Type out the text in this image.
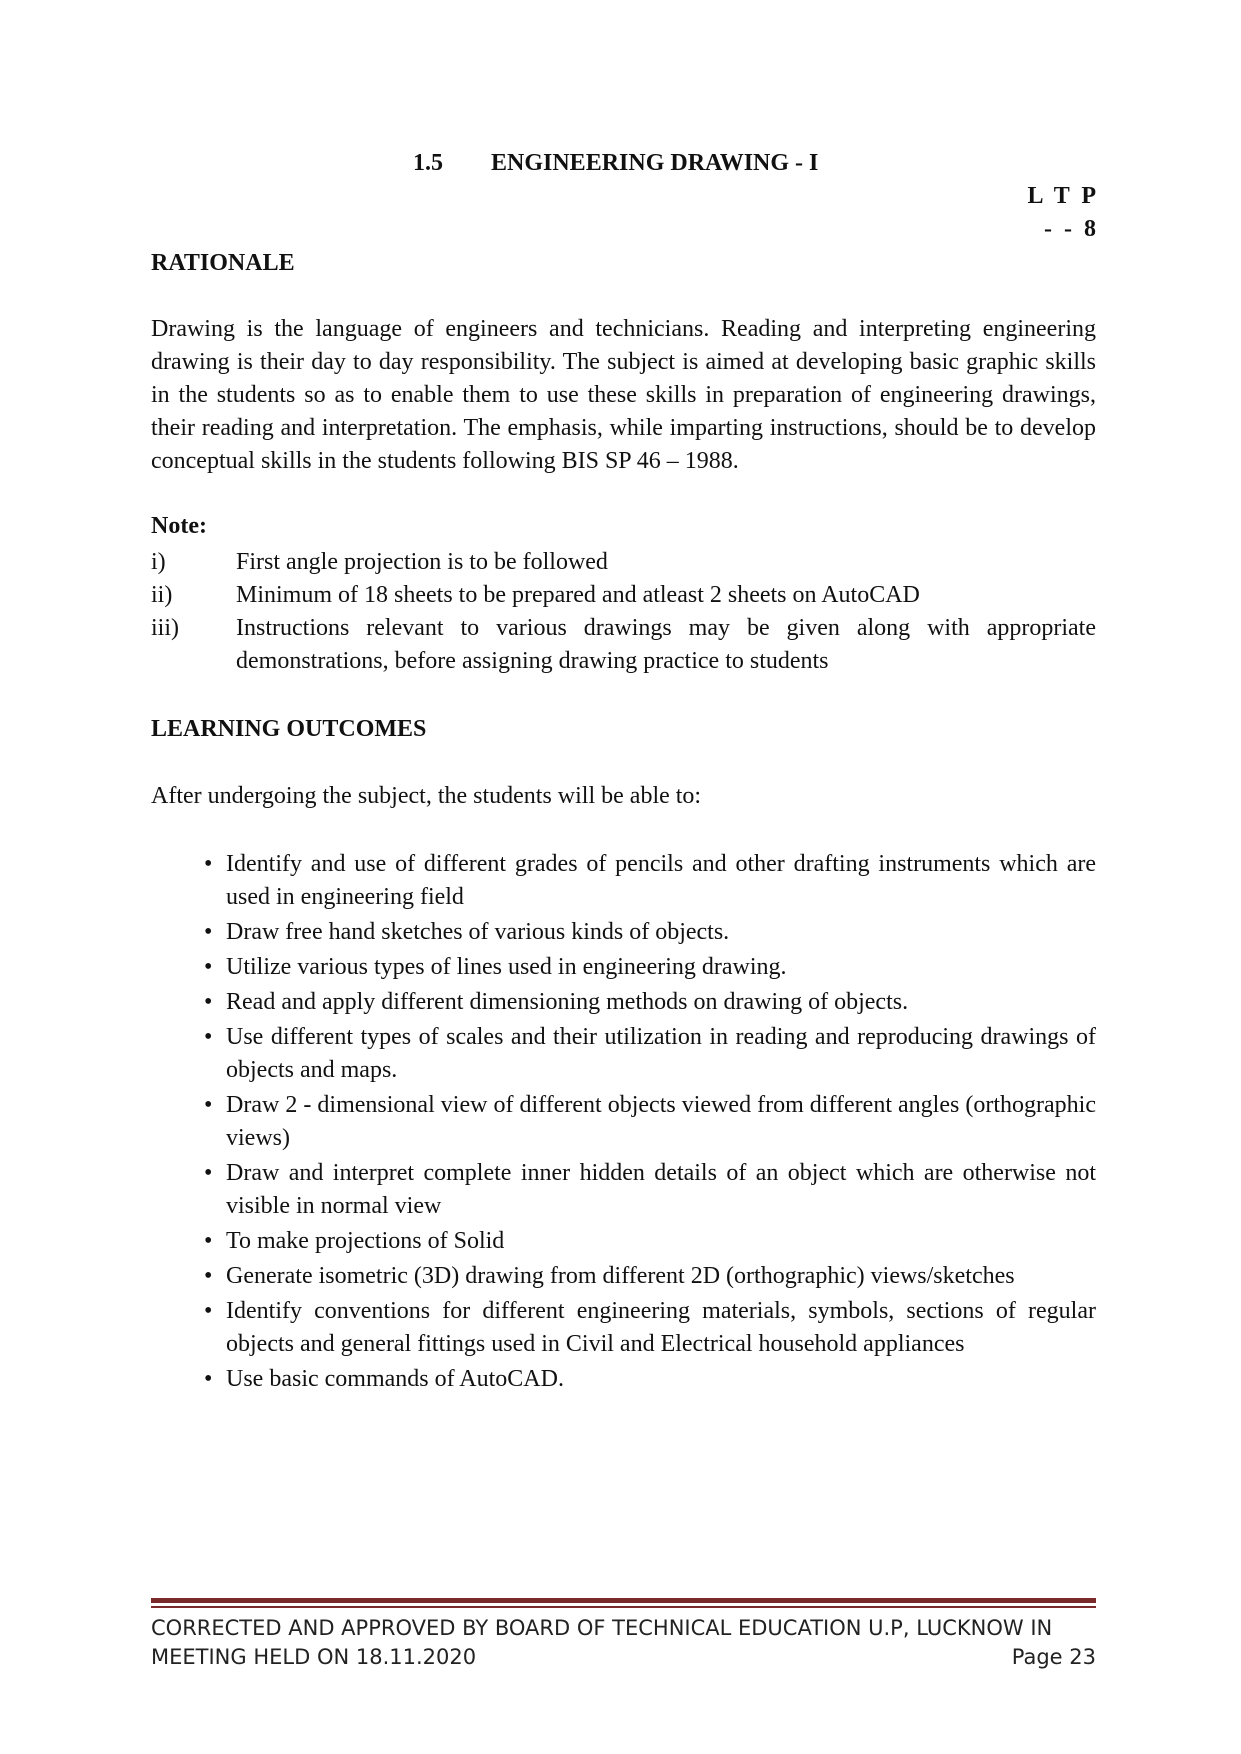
1.5 ENGINEERING DRAWING - I
L T P
- - 8
RATIONALE
Drawing is the language of engineers and technicians. Reading and interpreting engineering drawing is their day to day responsibility. The subject is aimed at developing basic graphic skills in the students so as to enable them to use these skills in preparation of engineering drawings, their reading and interpretation. The emphasis, while imparting instructions, should be to develop conceptual skills in the students following BIS SP 46 – 1988.
Note:
i)	First angle projection is to be followed
ii)	Minimum of 18 sheets to be prepared and atleast 2 sheets on AutoCAD
iii)	Instructions relevant to various drawings may be given along with appropriate demonstrations, before assigning drawing practice to students
LEARNING OUTCOMES
After undergoing the subject, the students will be able to:
• Identify and use of different grades of pencils and other drafting instruments which are used in engineering field
• Draw free hand sketches of various kinds of objects.
• Utilize various types of lines used in engineering drawing.
• Read and apply different dimensioning methods on drawing of objects.
• Use different types of scales and their utilization in reading and reproducing drawings of objects and maps.
• Draw 2 - dimensional view of different objects viewed from different angles (orthographic views)
• Draw and interpret complete inner hidden details of an object which are otherwise not visible in normal view
• To make projections of Solid
• Generate isometric (3D) drawing from different 2D (orthographic) views/sketches
• Identify conventions for different engineering materials, symbols, sections of regular objects and general fittings used in Civil and Electrical household appliances
• Use basic commands of AutoCAD.
CORRECTED AND APPROVED BY BOARD OF TECHNICAL EDUCATION U.P, LUCKNOW IN
MEETING HELD ON 18.11.2020	Page 23
